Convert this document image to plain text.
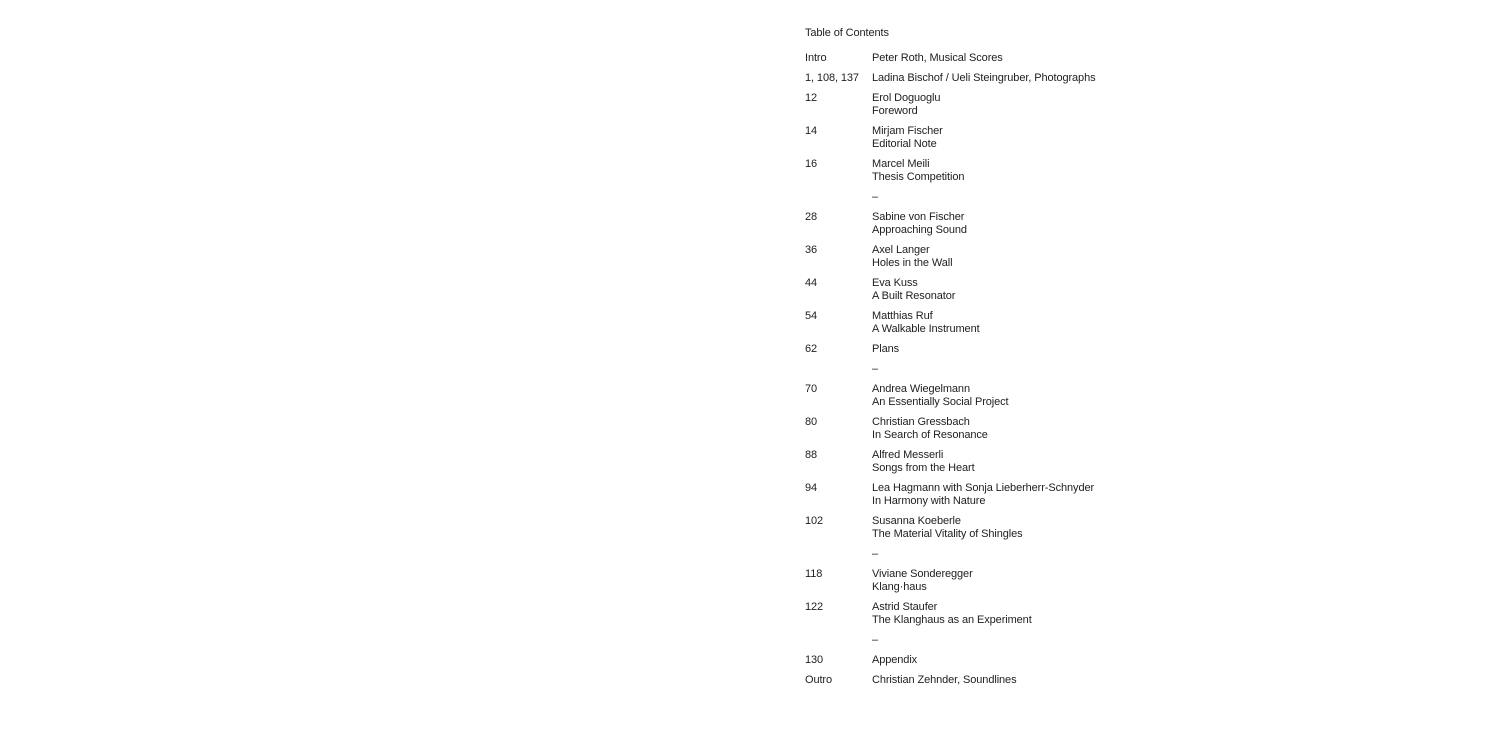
Table of Contents
Intro	Peter Roth, Musical Scores
1, 108, 137	Ladina Bischof / Ueli Steingruber, Photographs
12	Erol Doguoglu
Foreword
14	Mirjam Fischer
Editorial Note
16	Marcel Meili
Thesis Competition
–
28	Sabine von Fischer
Approaching Sound
36	Axel Langer
Holes in the Wall
44	Eva Kuss
A Built Resonator
54	Matthias Ruf
A Walkable Instrument
62	Plans
–
70	Andrea Wiegelmann
An Essentially Social Project
80	Christian Gressbach
In Search of Resonance
88	Alfred Messerli
Songs from the Heart
94	Lea Hagmann with Sonja Lieberherr-Schnyder
In Harmony with Nature
102	Susanna Koeberle
The Material Vitality of Shingles
–
118	Viviane Sonderegger
Klang·haus
122	Astrid Staufer
The Klanghaus as an Experiment
–
130	Appendix
Outro	Christian Zehnder, Soundlines
